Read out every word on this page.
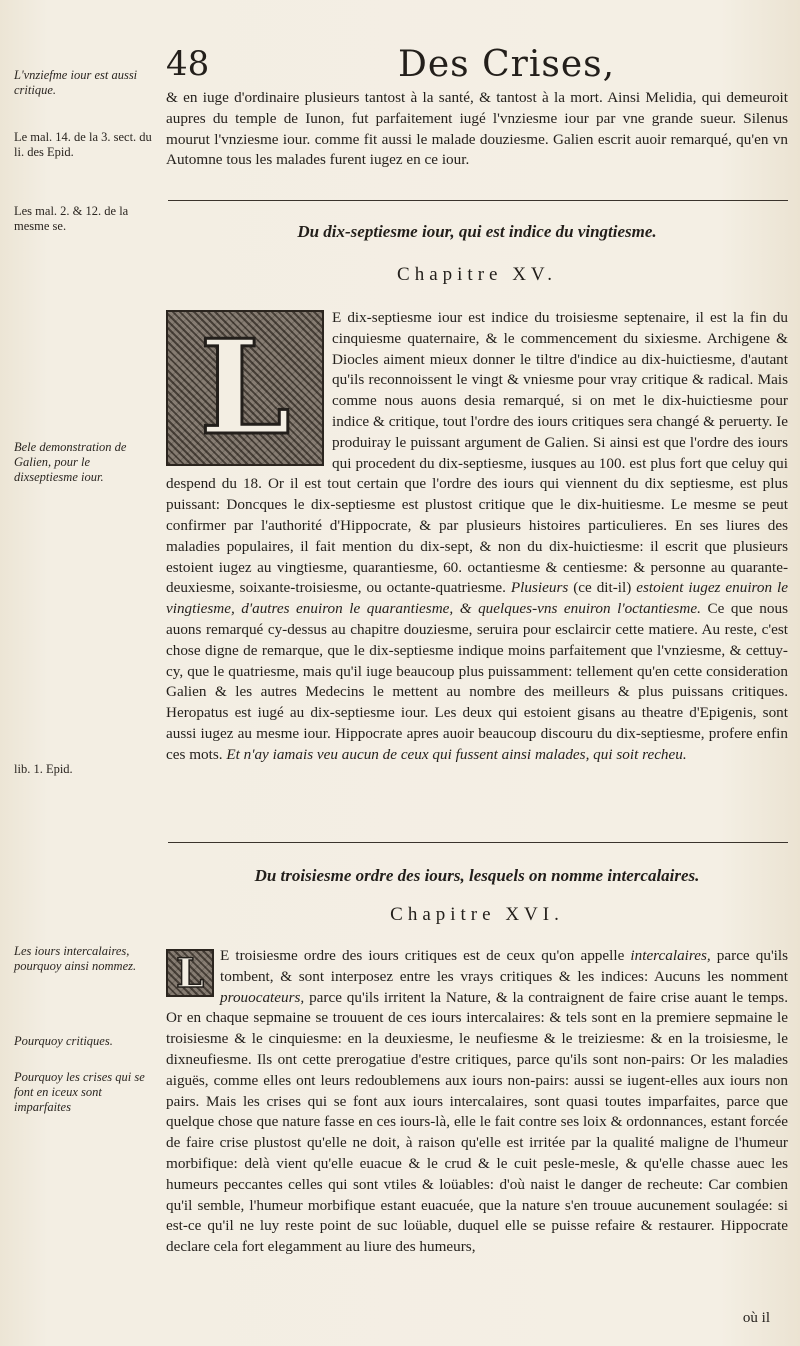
48	Des Crises,
L'vnziefme iour est aussi critique.
Le mal. 14. de la 3. sect. du li. des Epid.
Les mal. 2. & 12. de la mesme se.
Bele demonstration de Galien, pour le dixseptiesme iour.
lib. 1. Epid.
Les iours intercalaires, pourquoy ainsi nommez.
Pourquoy critiques.
Pourquoy les crises qui se font en iceux sont imparfaites

& en iuge d'ordinaire plusieurs tantost à la santé, & tantost à la mort. Ainsi Melidia, qui demeuroit aupres du temple de Iunon, fut parfaitement iugé l'vnziesme iour par vne grande sueur. Silenus mourut l'vnziesme iour. comme fit aussi le malade douziesme. Galien escrit auoir remarqué, qu'en vn Automne tous les malades furent iugez en ce iour.

Du dix-septiesme iour, qui est indice du vingtiesme.
Chapitre XV.

L	E dix-septiesme iour est indice du troisiesme septenaire, il est la fin du cinquiesme quaternaire, & le commencement du sixiesme. Archigene & Diocles aiment mieux donner le tiltre d'indice au dix-huictiesme, d'autant qu'ils reconnoissent le vingt & vniesme pour vray critique & radical. Mais comme nous auons desia remarqué, si on met le dix-huictiesme pour indice & critique, tout l'ordre des iours critiques sera changé & peruerty. Ie produiray le puissant argument de Galien. Si ainsi est que l'ordre des iours qui procedent du dix-septiesme, iusques au 100. est plus fort que celuy qui despend du 18. Or il est tout certain que l'ordre des iours qui viennent du dix septiesme, est plus puissant: Doncques le dix-septiesme est plustost critique que le dix-huitiesme. Le mesme se peut confirmer par l'authorité d'Hippocrate, & par plusieurs histoires particulieres. En ses liures des maladies populaires, il fait mention du dix-sept, & non du dix-huictiesme: il escrit que plusieurs estoient iugez au vingtiesme, quarantiesme, 60. octantiesme & centiesme: & personne au quarante-deuxiesme, soixante-troisiesme, ou octante-quatriesme. Plusieurs (ce dit-il) estoient iugez enuiron le vingtiesme, d'autres enuiron le quarantiesme, & quelques-vns enuiron l'octantiesme. Ce que nous auons remarqué cy-dessus au chapitre douziesme, seruira pour esclaircir cette matiere. Au reste, c'est chose digne de remarque, que le dix-septiesme indique moins parfaitement que l'vnziesme, & cettuy-cy, que le quatriesme, mais qu'il iuge beaucoup plus puissamment: tellement qu'en cette consideration Galien & les autres Medecins le mettent au nombre des meilleurs & plus puissans critiques. Heropatus est iugé au dix-septiesme iour. Les deux qui estoient gisans au theatre d'Epigenis, sont aussi iugez au mesme iour. Hippocrate apres auoir beaucoup discouru du dix-septiesme, profere enfin ces mots. Et n'ay iamais veu aucun de ceux qui fussent ainsi malades, qui soit recheu.

Du troisiesme ordre des iours, lesquels on nomme intercalaires.
Chapitre XVI.

L	E troisiesme ordre des iours critiques est de ceux qu'on appelle intercalaires, parce qu'ils tombent, & sont interposez entre les vrays critiques & les indices: Aucuns les nomment prouocateurs, parce qu'ils irritent la Nature, & la contraignent de faire crise auant le temps. Or en chaque sepmaine se trouuent de ces iours intercalaires: & tels sont en la premiere sepmaine le troisiesme & le cinquiesme: en la deuxiesme, le neufiesme & le treiziesme: & en la troisiesme, le dixneufiesme. Ils ont cette prerogatiue d'estre critiques, parce qu'ils sont non-pairs: Or les maladies aiguës, comme elles ont leurs redoublemens aux iours non-pairs: aussi se iugent-elles aux iours non pairs. Mais les crises qui se font aux iours intercalaires, sont quasi toutes imparfaites, parce que quelque chose que nature fasse en ces iours-là, elle le fait contre ses loix & ordonnances, estant forcée de faire crise plustost qu'elle ne doit, à raison qu'elle est irritée par la qualité maligne de l'humeur morbifique: delà vient qu'elle euacue & le crud & le cuit pesle-mesle, & qu'elle chasse auec les humeurs peccantes celles qui sont vtiles & loüables: d'où naist le danger de recheute: Car combien qu'il semble, l'humeur morbifique estant euacuée, que la nature s'en trouue aucunement soulagée: si est-ce qu'il ne luy reste point de suc loüable, duquel elle se puisse refaire & restaurer. Hippocrate declare cela fort elegamment au liure des humeurs,

où il
